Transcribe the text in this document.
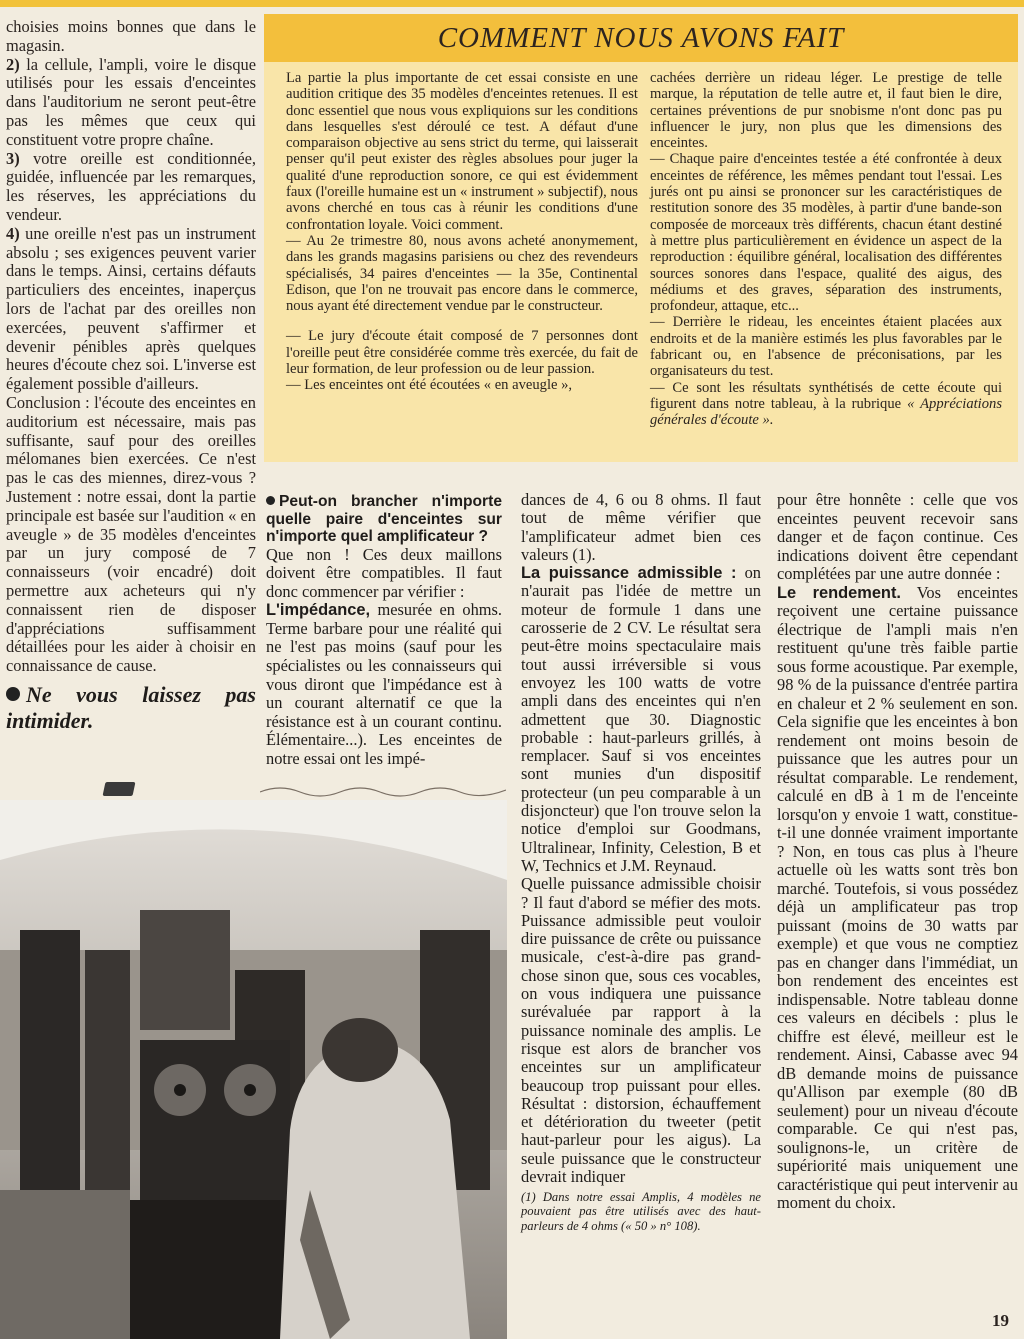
choisies moins bonnes que dans le magasin.

2) la cellule, l'ampli, voire le disque utilisés pour les essais d'enceintes dans l'auditorium ne seront peut-être pas les mêmes que ceux qui constituent votre propre chaîne.

3) votre oreille est conditionnée, guidée, influencée par les remarques, les réserves, les appréciations du vendeur.

4) une oreille n'est pas un instrument absolu ; ses exigences peuvent varier dans le temps. Ainsi, certains défauts particuliers des enceintes, inaperçus lors de l'achat par des oreilles non exercées, peuvent s'affirmer et devenir pénibles après quelques heures d'écoute chez soi. L'inverse est également possible d'ailleurs.

Conclusion : l'écoute des enceintes en auditorium est nécessaire, mais pas suffisante, sauf pour des oreilles mélomanes bien exercées. Ce n'est pas le cas des miennes, direz-vous ? Justement : notre essai, dont la partie principale est basée sur l'audition « en aveugle » de 35 modèles d'enceintes par un jury composé de 7 connaisseurs (voir encadré) doit permettre aux acheteurs qui n'y connaissent rien de disposer d'appréciations suffisamment détaillées pour les aider à choisir en connaissance de cause.

Ne vous laissez pas intimider.
COMMENT NOUS AVONS FAIT

La partie la plus importante de cet essai consiste en une audition critique des 35 modèles d'enceintes retenues. Il est donc essentiel que nous vous expliquions sur les conditions dans lesquelles s'est déroulé ce test. A défaut d'une comparaison objective au sens strict du terme, qui laisserait penser qu'il peut exister des règles absolues pour juger la qualité d'une reproduction sonore, ce qui est évidemment faux (l'oreille humaine est un « instrument » subjectif), nous avons cherché en tous cas à réunir les conditions d'une confrontation loyale. Voici comment.

— Au 2e trimestre 80, nous avons acheté anonymement, dans les grands magasins parisiens ou chez des revendeurs spécialisés, 34 paires d'enceintes — la 35e, Continental Edison, que l'on ne trouvait pas encore dans le commerce, nous ayant été directement vendue par le constructeur.

— Le jury d'écoute était composé de 7 personnes dont l'oreille peut être considérée comme très exercée, du fait de leur formation, de leur profession ou de leur passion.

— Les enceintes ont été écoutées « en aveugle »,

cachées derrière un rideau léger. Le prestige de telle marque, la réputation de telle autre et, il faut bien le dire, certaines préventions de pur snobisme n'ont donc pas pu influencer le jury, non plus que les dimensions des enceintes.

— Chaque paire d'enceintes testée a été confrontée à deux enceintes de référence, les mêmes pendant tout l'essai. Les jurés ont pu ainsi se prononcer sur les caractéristiques de restitution sonore des 35 modèles, à partir d'une bande-son composée de morceaux très différents, chacun étant destiné à mettre plus particulièrement en évidence un aspect de la reproduction : équilibre général, localisation des différentes sources sonores dans l'espace, qualité des aigus, des médiums et des graves, séparation des instruments, profondeur, attaque, etc...

— Derrière le rideau, les enceintes étaient placées aux endroits et de la manière estimés les plus favorables par le fabricant ou, en l'absence de préconisations, par les organisateurs du test.

— Ce sont les résultats synthétisés de cette écoute qui figurent dans notre tableau, à la rubrique « Appréciations générales d'écoute ».

Peut-on brancher n'importe quelle paire d'enceintes sur n'importe quel amplificateur ?

Que non ! Ces deux maillons doivent être compatibles. Il faut donc commencer par vérifier :

L'impédance, mesurée en ohms. Terme barbare pour une réalité qui ne l'est pas moins (sauf pour les spécialistes ou les connaisseurs qui vous diront que l'impédance est à un courant alternatif ce que la résistance est à un courant continu. Élémentaire...). Les enceintes de notre essai ont les impé-

dances de 4, 6 ou 8 ohms. Il faut tout de même vérifier que l'amplificateur admet bien ces valeurs (1).

La puissance admissible : on n'aurait pas l'idée de mettre un moteur de formule 1 dans une carosserie de 2 CV. Le résultat sera peut-être moins spectaculaire mais tout aussi irréversible si vous envoyez les 100 watts de votre ampli dans des enceintes qui n'en admettent que 30. Diagnostic probable : haut-parleurs grillés, à remplacer. Sauf si vos enceintes sont munies d'un dispositif protecteur (un peu comparable à un disjoncteur) que l'on trouve selon la notice d'emploi sur Goodmans, Ultralinear, Infinity, Celestion, B et W, Technics et J.M. Reynaud.

Quelle puissance admissible choisir ? Il faut d'abord se méfier des mots. Puissance admissible peut vouloir dire puissance de crête ou puissance musicale, c'est-à-dire pas grand-chose sinon que, sous ces vocables, on vous indiquera une puissance surévaluée par rapport à la puissance nominale des amplis. Le risque est alors de brancher vos enceintes sur un amplificateur beaucoup trop puissant pour elles. Résultat : distorsion, échauffement et détérioration du tweeter (petit haut-parleur pour les aigus). La seule puissance que le constructeur devrait indiquer

(1) Dans notre essai Amplis, 4 modèles ne pouvaient pas être utilisés avec des haut-parleurs de 4 ohms (« 50 » n° 108).

pour être honnête : celle que vos enceintes peuvent recevoir sans danger et de façon continue. Ces indications doivent être cependant complétées par une autre donnée :

Le rendement. Vos enceintes reçoivent une certaine puissance électrique de l'ampli mais n'en restituent qu'une très faible partie sous forme acoustique. Par exemple, 98 % de la puissance d'entrée partira en chaleur et 2 % seulement en son. Cela signifie que les enceintes à bon rendement ont moins besoin de puissance que les autres pour un résultat comparable. Le rendement, calculé en dB à 1 m de l'enceinte lorsqu'on y envoie 1 watt, constitue-t-il une donnée vraiment importante ? Non, en tous cas plus à l'heure actuelle où les watts sont très bon marché. Toutefois, si vous possédez déjà un amplificateur pas trop puissant (moins de 30 watts par exemple) et que vous ne comptiez pas en changer dans l'immédiat, un bon rendement des enceintes est indispensable. Notre tableau donne ces valeurs en décibels : plus le chiffre est élevé, meilleur est le rendement. Ainsi, Cabasse avec 94 dB demande moins de puissance qu'Allison par exemple (80 dB seulement) pour un niveau d'écoute comparable. Ce qui n'est pas, soulignons-le, un critère de supériorité mais uniquement une caractéristique qui peut intervenir au moment du choix.

19
